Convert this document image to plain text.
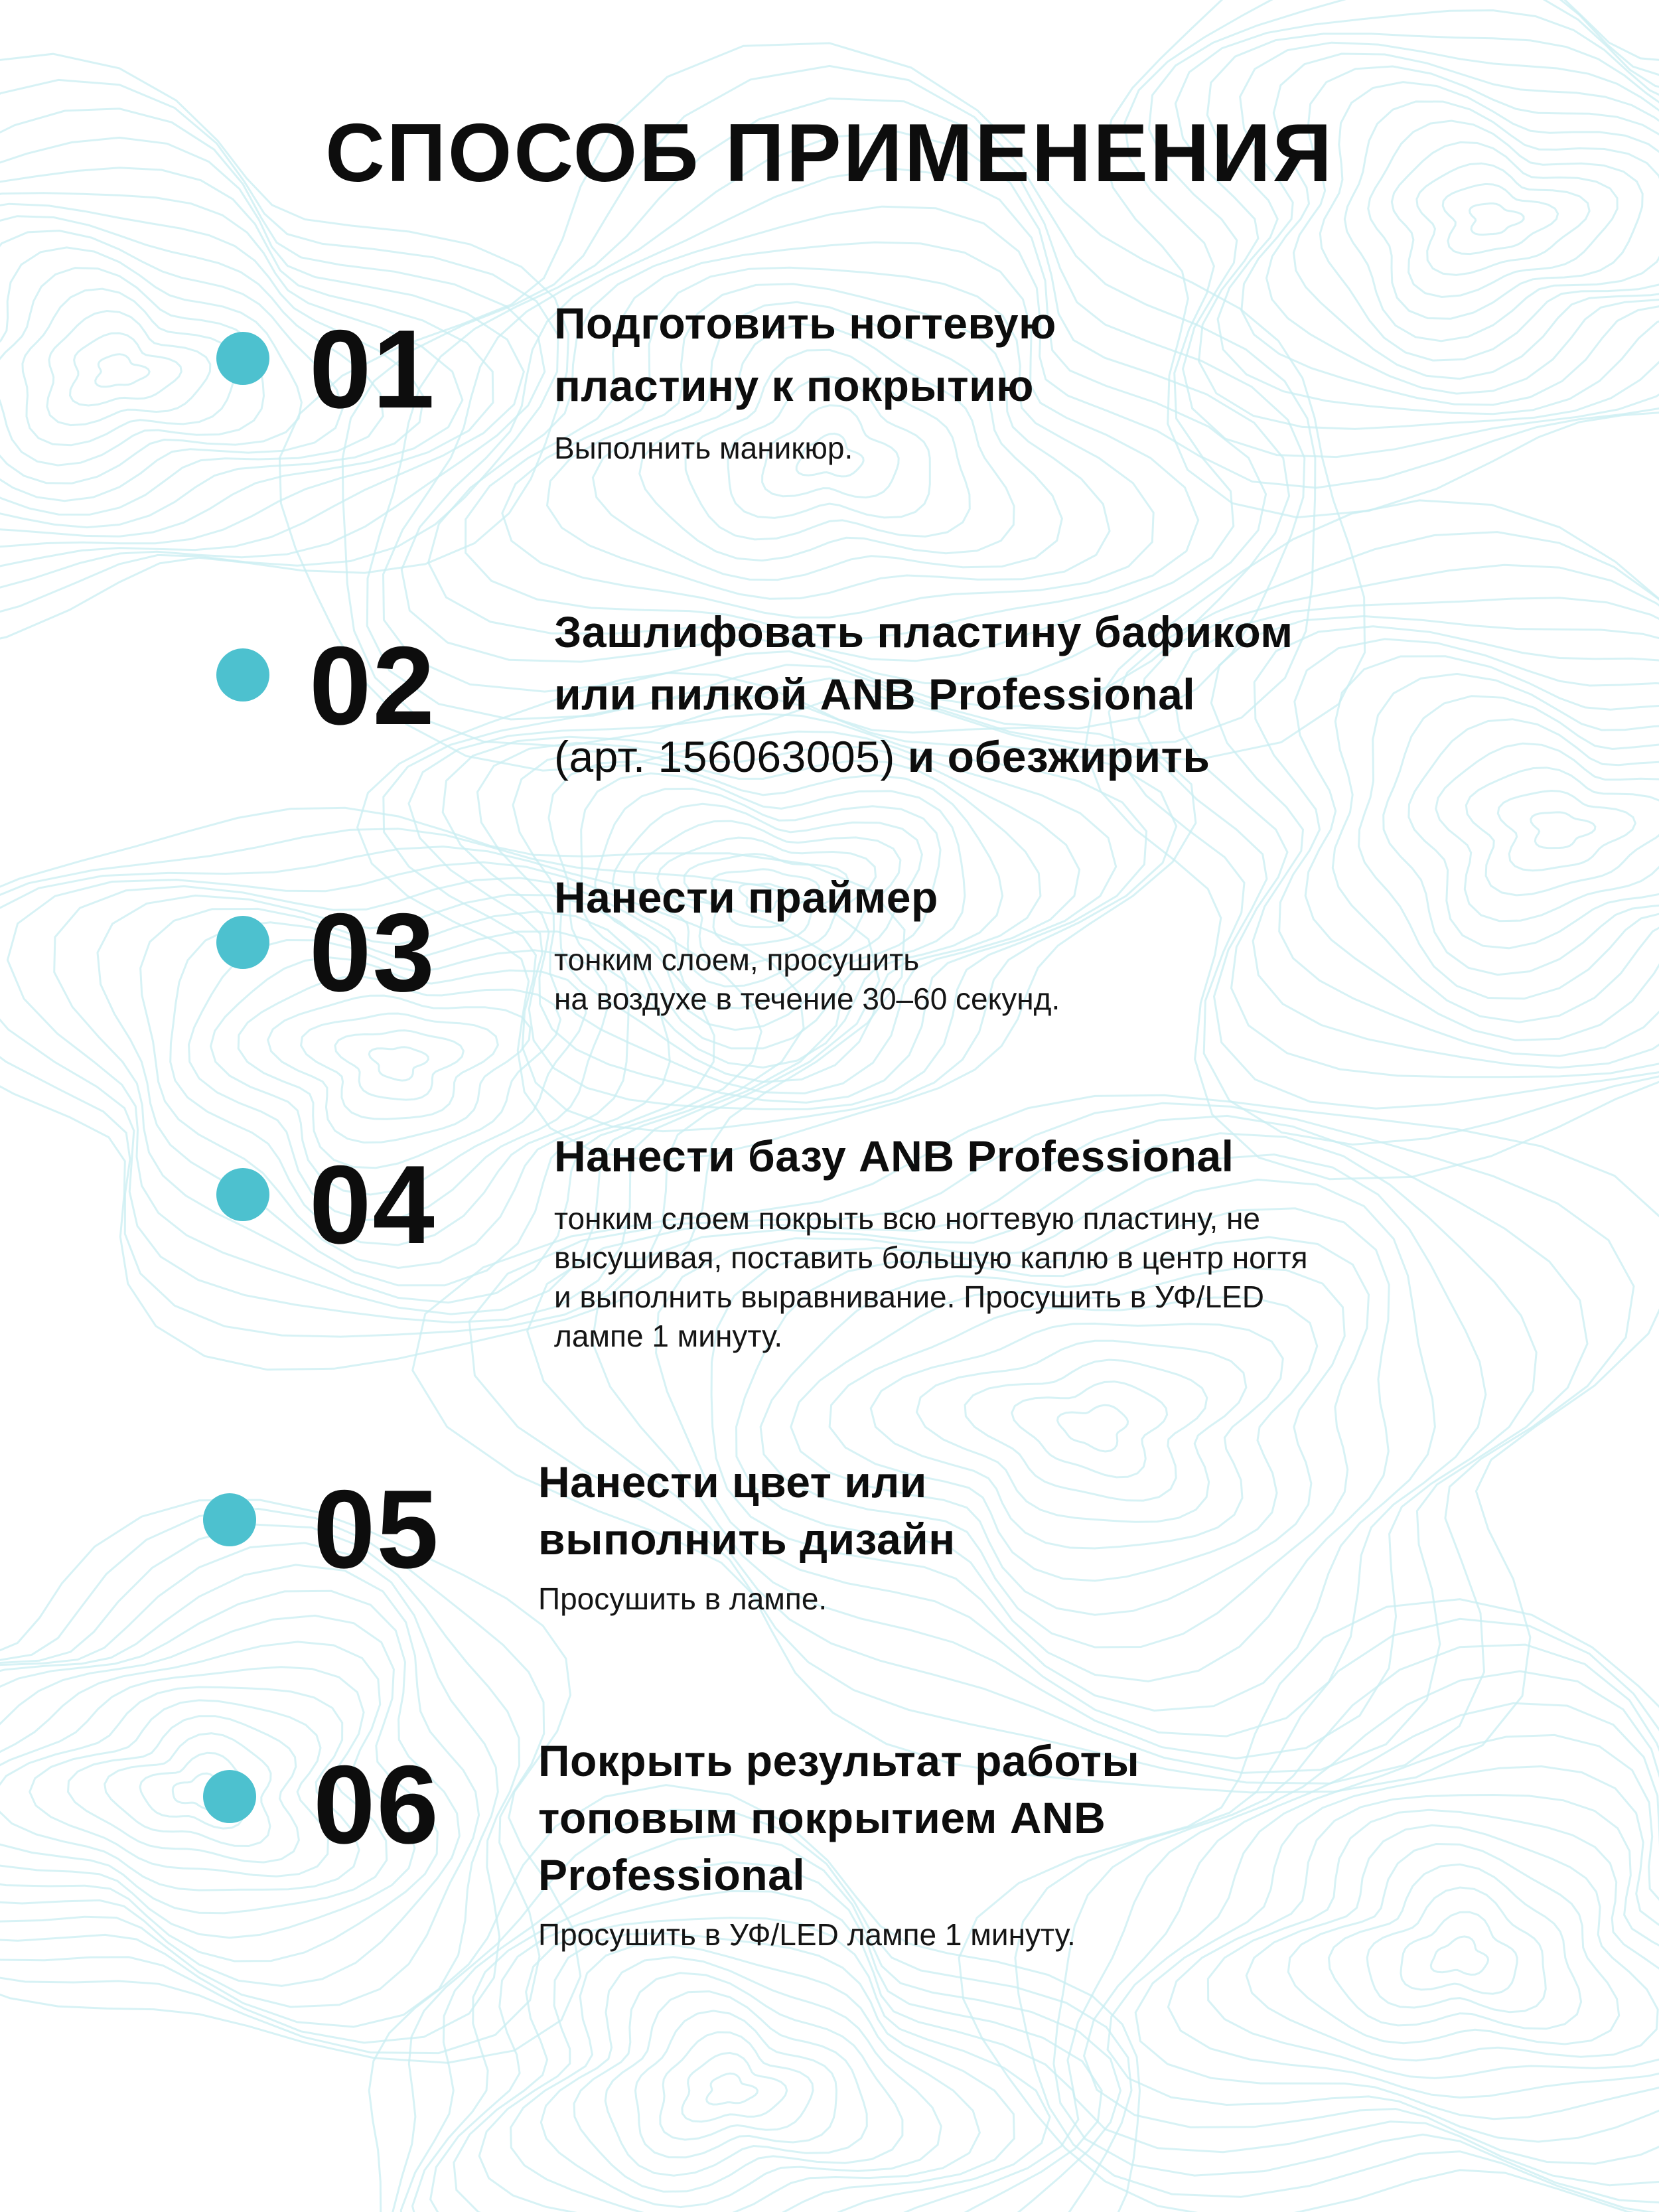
СПОСОБ ПРИМЕНЕНИЯ
01	Подготовить ногтевую
пластину к покрытию
Выполнить маникюр.
02	Зашлифовать пластину бафиком
или пилкой ANB Professional
(арт. 156063005) и обезжирить
03	Нанести праймер
тонким слоем, просушить
на воздухе в течение 30–60 секунд.
04	Нанести базу ANB Professional
тонким слоем покрыть всю ногтевую пластину, не
высушивая, поставить большую каплю в центр ногтя
и выполнить выравнивание. Просушить в УФ/LED
лампе 1 минуту.
05 Нанести цвет или
выполнить дизайн
Просушить в лампе.
06 Покрыть результат работы
топовым покрытием ANB
Professional
Просушить в УФ/LED лампе 1 минуту.
